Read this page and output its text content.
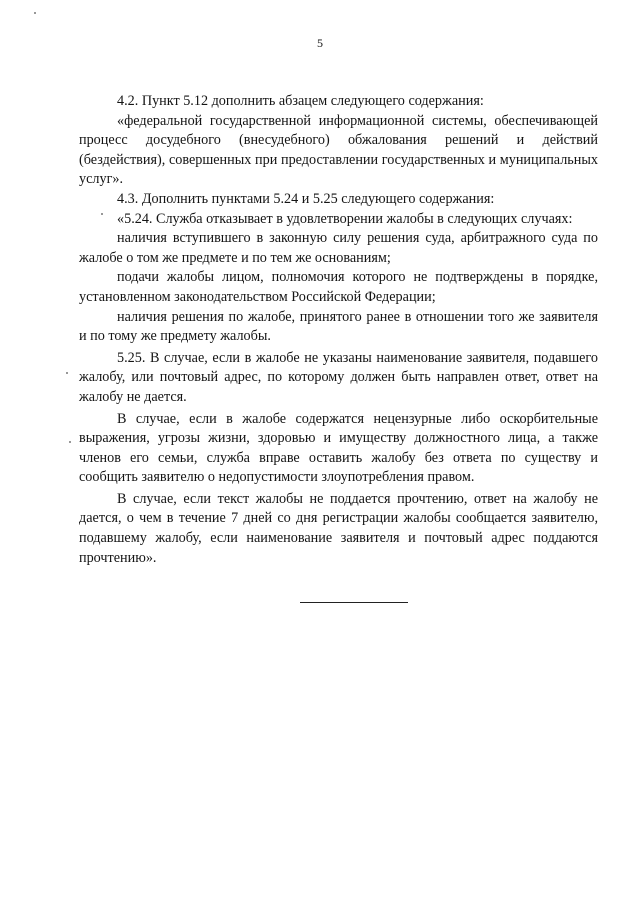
5

4.2. Пункт 5.12 дополнить абзацем следующего содержания:

«федеральной государственной информационной системы, обеспечивающей процесс досудебного (внесудебного) обжалования решений и действий (бездействия), совершенных при предоставлении государственных и муниципальных услуг».

4.3. Дополнить пунктами 5.24 и 5.25 следующего содержания:

«5.24. Служба отказывает в удовлетворении жалобы в следующих случаях:

наличия вступившего в законную силу решения суда, арбитражного суда по жалобе о том же предмете и по тем же основаниям;

подачи жалобы лицом, полномочия которого не подтверждены в порядке, установленном законодательством Российской Федерации;

наличия решения по жалобе, принятого ранее в отношении того же заявителя и по тому же предмету жалобы.

5.25. В случае, если в жалобе не указаны наименование заявителя, подавшего жалобу, или почтовый адрес, по которому должен быть направлен ответ, ответ на жалобу не дается.

В случае, если в жалобе содержатся нецензурные либо оскорбительные выражения, угрозы жизни, здоровью и имуществу должностного лица, а также членов его семьи, служба вправе оставить жалобу без ответа по существу и сообщить заявителю о недопустимости злоупотребления правом.

В случае, если текст жалобы не поддается прочтению, ответ на жалобу не дается, о чем в течение 7 дней со дня регистрации жалобы сообщается заявителю, подавшему жалобу, если наименование заявителя и почтовый адрес поддаются прочтению».
